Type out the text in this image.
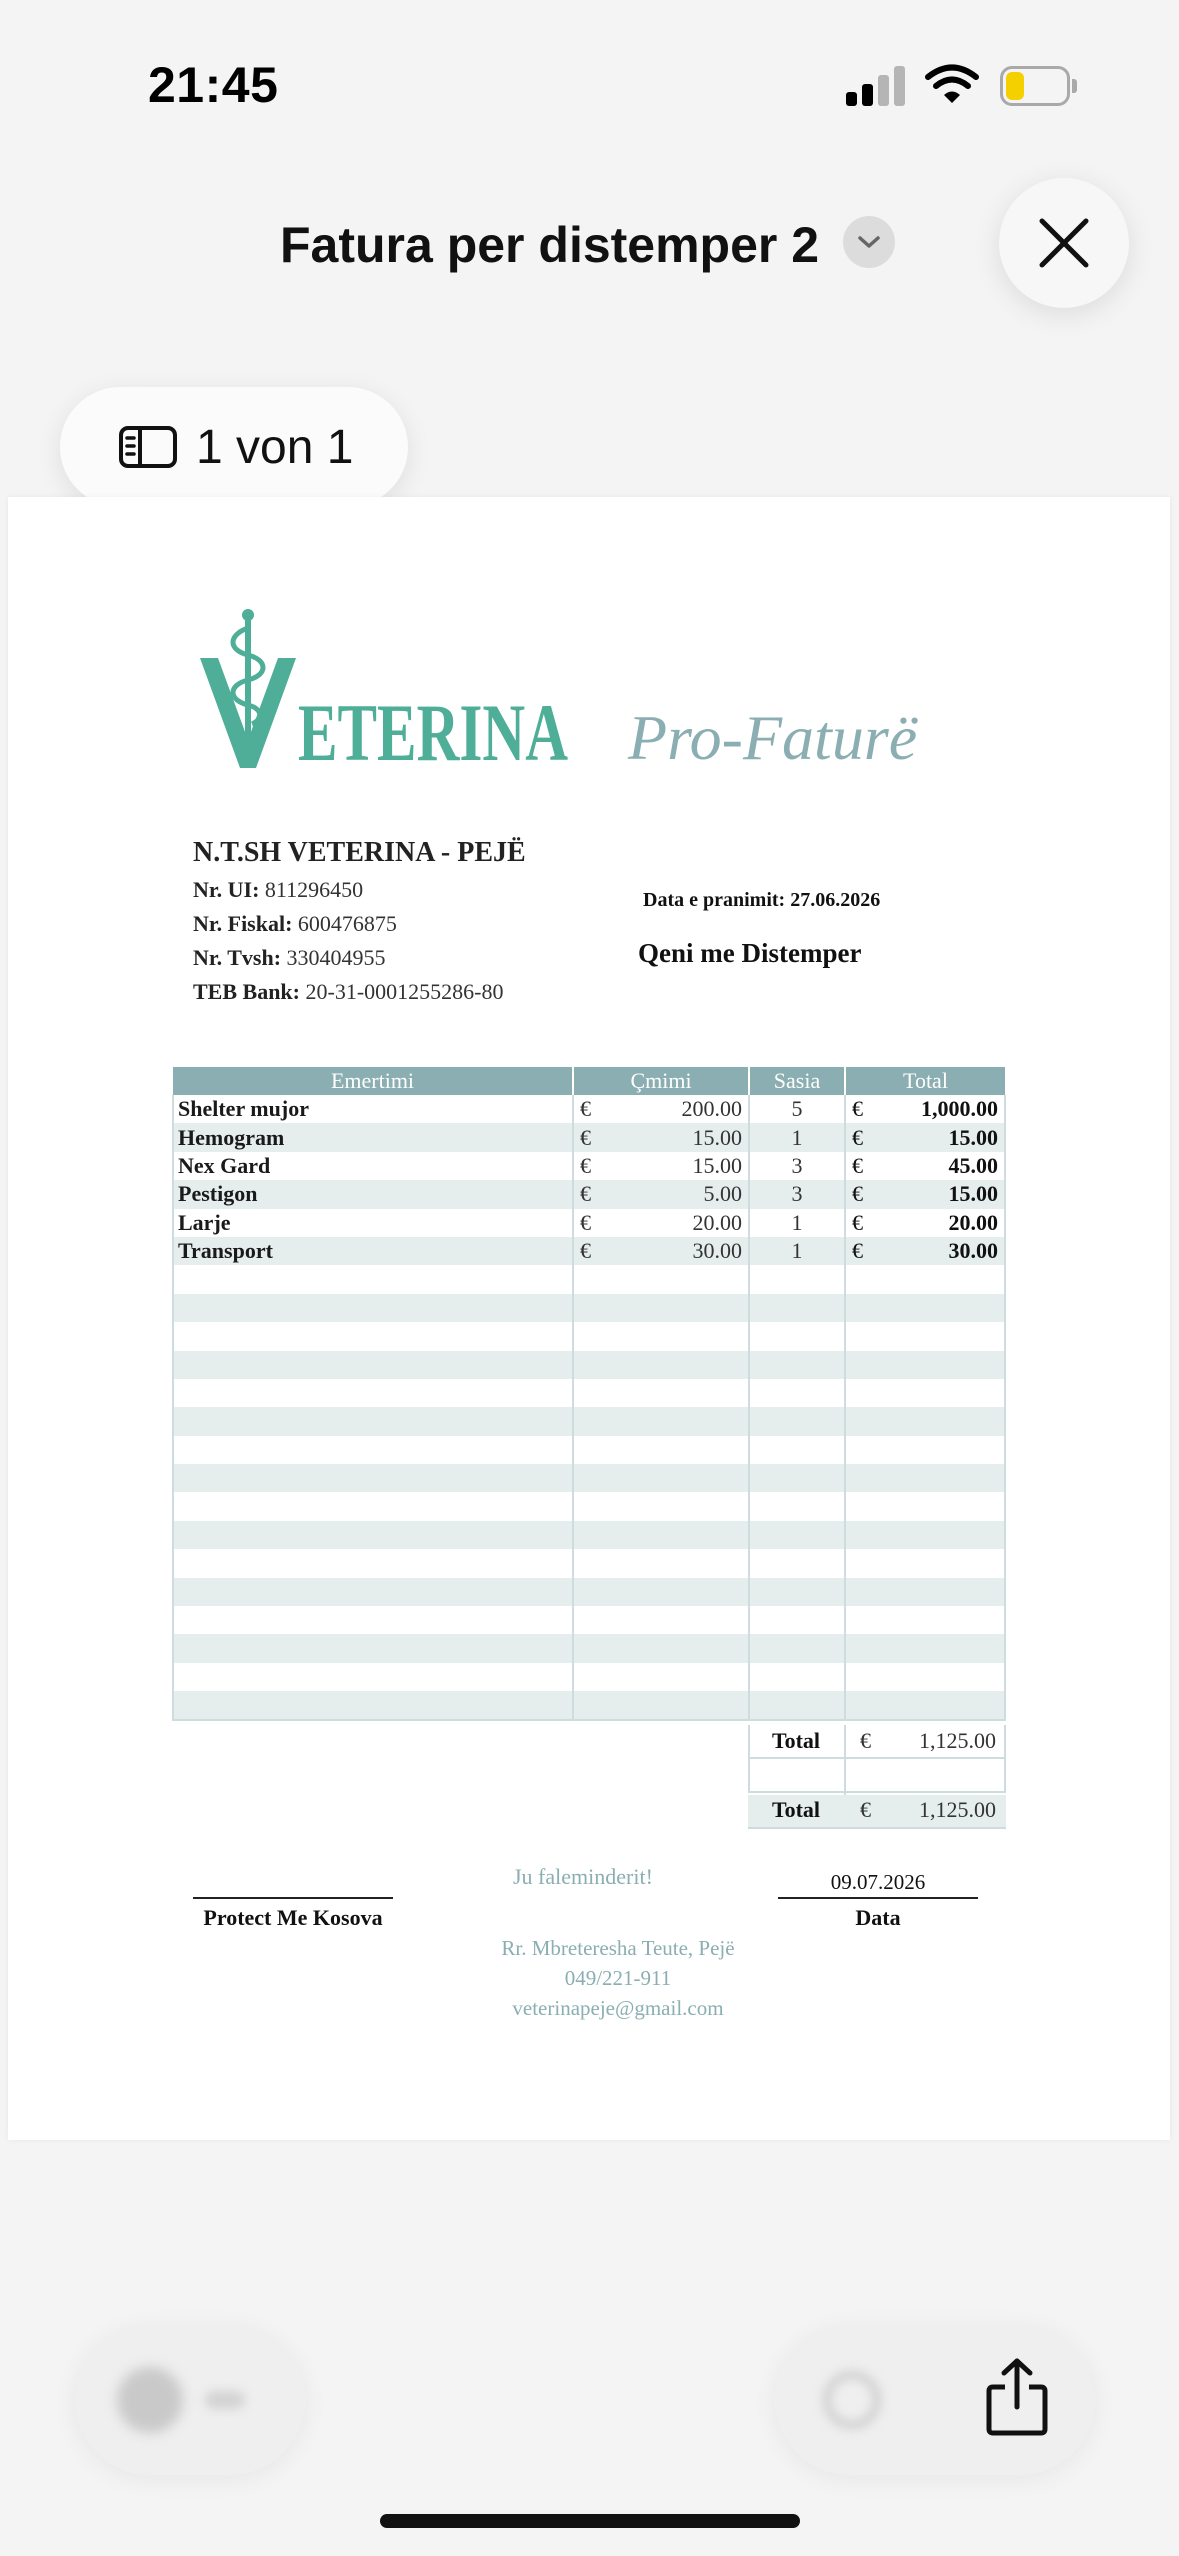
21:45
Fatura per distemper 2
1 von 1
ETERINA Pro-Faturë
N.T.SH VETERINA - PEJË
Nr. UI: 811296450
Nr. Fiskal: 600476875
Nr. Tvsh: 330404955
TEB Bank: 20-31-0001255286-80
Data e pranimit: 27.06.2026
Qeni me Distemper
Emertimi	Çmimi	Sasia	Total
Shelter mujor	€ 200.00	5	€ 1,000.00
Hemogram	€ 15.00	1	€ 15.00
Nex Gard	€ 15.00	3	€ 45.00
Pestigon	€ 5.00	3	€ 15.00
Larje	€ 20.00	1	€ 20.00
Transport	€ 30.00	1	€ 30.00

Total	€ 1,125.00
Total	€ 1,125.00
Ju faleminderit!
Protect Me Kosova
09.07.2026
Data
Rr. Mbreteresha Teute, Pejë
049/221-911
veterinapeje@gmail.com
